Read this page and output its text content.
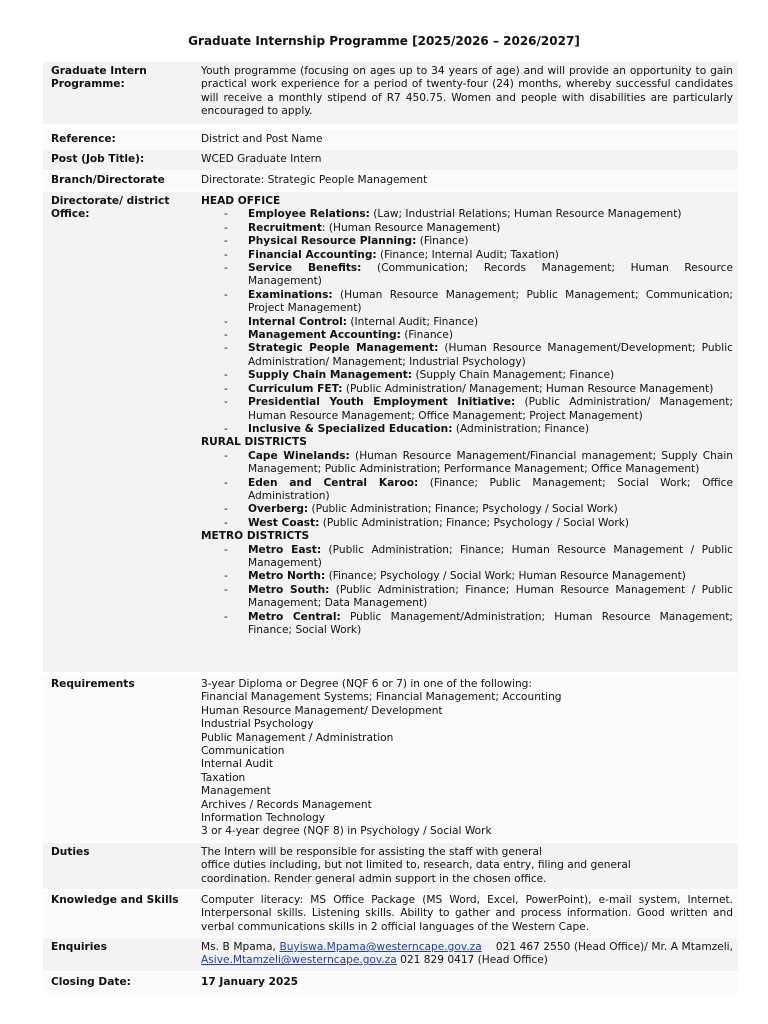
Graduate Internship Programme [2025/2026 – 2026/2027]
Graduate Intern Programme:
Youth programme (focusing on ages up to 34 years of age) and will provide an opportunity to gain practical work experience for a period of twenty-four (24) months, whereby successful candidates will receive a monthly stipend of R7 450.75. Women and people with disabilities are particularly encouraged to apply.
Reference:	District and Post Name
Post (Job Title):	WCED Graduate Intern
Branch/Directorate	Directorate: Strategic People Management
Directorate/ district Office:
HEAD OFFICE
- Employee Relations: (Law; Industrial Relations; Human Resource Management)
- Recruitment: (Human Resource Management)
- Physical Resource Planning: (Finance)
- Financial Accounting: (Finance; Internal Audit; Taxation)
- Service Benefits: (Communication; Records Management; Human Resource Management)
- Examinations: (Human Resource Management; Public Management; Communication; Project Management)
- Internal Control: (Internal Audit; Finance)
- Management Accounting: (Finance)
- Strategic People Management: (Human Resource Management/Development; Public Administration/ Management; Industrial Psychology)
- Supply Chain Management: (Supply Chain Management; Finance)
- Curriculum FET: (Public Administration/ Management; Human Resource Management)
- Presidential Youth Employment Initiative: (Public Administration/ Management; Human Resource Management; Office Management; Project Management)
- Inclusive & Specialized Education: (Administration; Finance)
RURAL DISTRICTS
- Cape Winelands: (Human Resource Management/Financial management; Supply Chain Management; Public Administration; Performance Management; Office Management)
- Eden and Central Karoo: (Finance; Public Management; Social Work; Office Administration)
- Overberg: (Public Administration; Finance; Psychology / Social Work)
- West Coast: (Public Administration; Finance; Psychology / Social Work)
METRO DISTRICTS
- Metro East: (Public Administration; Finance; Human Resource Management / Public Management)
- Metro North: (Finance; Psychology / Social Work; Human Resource Management)
- Metro South: (Public Administration; Finance; Human Resource Management / Public Management; Data Management)
- Metro Central: Public Management/Administration; Human Resource Management; Finance; Social Work)
Requirements	3-year Diploma or Degree (NQF 6 or 7) in one of the following:

Financial Management Systems; Financial Management; Accounting

Human Resource Management/ Development

Industrial Psychology

Public Management / Administration

Communication

Internal Audit

Taxation

Management

Archives / Records Management

Information Technology

3 or 4-year degree (NQF 8) in Psychology / Social Work

Duties	The Intern will be responsible for assisting the staff with general

office duties including, but not limited to, research, data entry, filing and general

coordination. Render general admin support in the chosen office.

Knowledge and Skills	Computer literacy: MS Office Package (MS Word, Excel, PowerPoint), e-mail system, Internet. Interpersonal skills. Listening skills. Ability to gather and process information. Good written and verbal communications skills in 2 official languages of the Western Cape.
Enquiries	Ms. B Mpama, Buyiswa.Mpama@westerncape.gov.za    021 467 2550 (Head Office)/ Mr. A Mtamzeli, Asive.Mtamzeli@westerncape.gov.za 021 829 0417 (Head Office)
Closing Date:	17 January 2025
